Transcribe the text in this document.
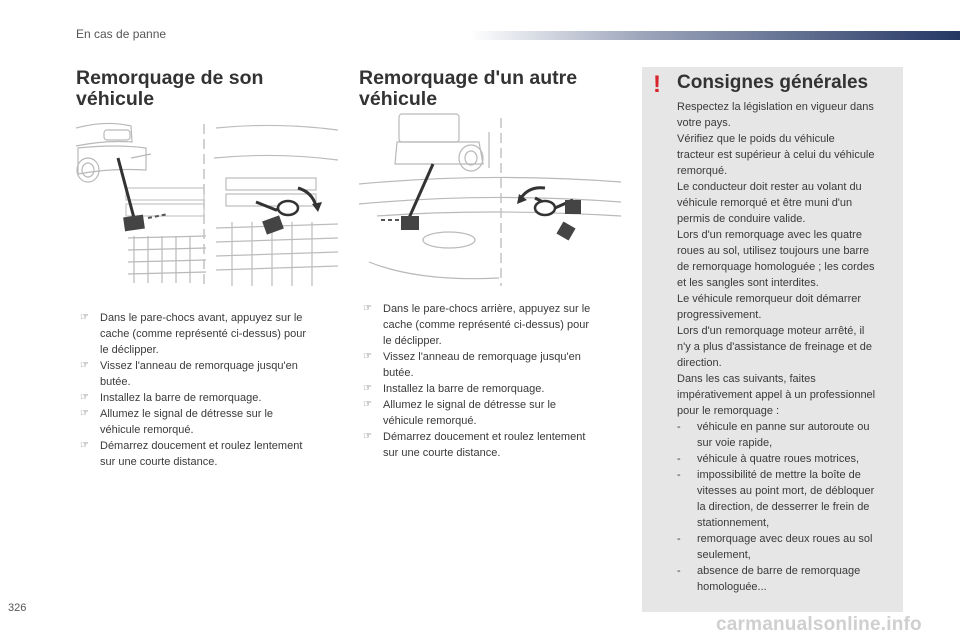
En cas de panne
Remorquage de son
véhicule
☞ Dans le pare-chocs avant, appuyez sur le
cache (comme représenté ci-dessus) pour
le déclipper.
☞ Vissez l'anneau de remorquage jusqu'en
butée.
☞ Installez la barre de remorquage.
☞ Allumez le signal de détresse sur le
véhicule remorqué.
☞ Démarrez doucement et roulez lentement
sur une courte distance.
Remorquage d'un autre
véhicule
☞ Dans le pare-chocs arrière, appuyez sur le
cache (comme représenté ci-dessus) pour
le déclipper.
☞ Vissez l'anneau de remorquage jusqu'en
butée.
☞ Installez la barre de remorquage.
☞ Allumez le signal de détresse sur le
véhicule remorqué.
☞ Démarrez doucement et roulez lentement
sur une courte distance.
! Consignes générales

Respectez la législation en vigueur dans
votre pays.
Vérifiez que le poids du véhicule
tracteur est supérieur à celui du véhicule
remorqué.
Le conducteur doit rester au volant du
véhicule remorqué et être muni d'un
permis de conduire valide.
Lors d'un remorquage avec les quatre
roues au sol, utilisez toujours une barre
de remorquage homologuée ; les cordes
et les sangles sont interdites.
Le véhicule remorqueur doit démarrer
progressivement.
Lors d'un remorquage moteur arrêté, il
n'y a plus d'assistance de freinage et de
direction.
Dans les cas suivants, faites
impérativement appel à un professionnel
pour le remorquage :

- véhicule en panne sur autoroute ou
sur voie rapide,
- véhicule à quatre roues motrices,
- impossibilité de mettre la boîte de
vitesses au point mort, de débloquer
la direction, de desserrer le frein de
stationnement,
- remorquage avec deux roues au sol
seulement,
- absence de barre de remorquage
homologuée...
326
carmanualsonline.info
